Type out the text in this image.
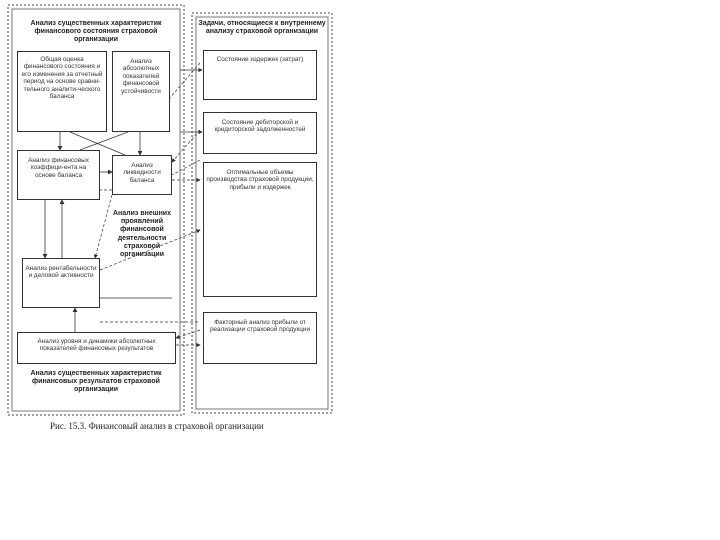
Анализ существенных характеристик финансового состояния страховой организации
Общая оценка финансового состояния и его изменения за отчетный период на основе сравни-тельного аналити-ческого баланса
Анализ абсолютных показателей финансовой устойчивости
Анализ финансовых коэффици-ента на основе баланса
Анализ ликвидности баланса
Анализ внешних проявлений финансовой деятельности страховой организации
Анализ рентабельности и деловой активности
Анализ уровня и динамики абсолютных показателей финансовых результатов
Анализ существенных характеристик финансовых результатов страховой организации
Задачи, относящиеся к внутреннему анализу страховой организации
Состояние издержек (затрат)
Состояние дебиторской и кредиторской задолженностей
Оптимальные объемы производства страховой продукции, прибыли и издержек
Факторный анализ прибыли от реализации страховой продукции
Рис. 15.3. Финансовый анализ в страховой организации
